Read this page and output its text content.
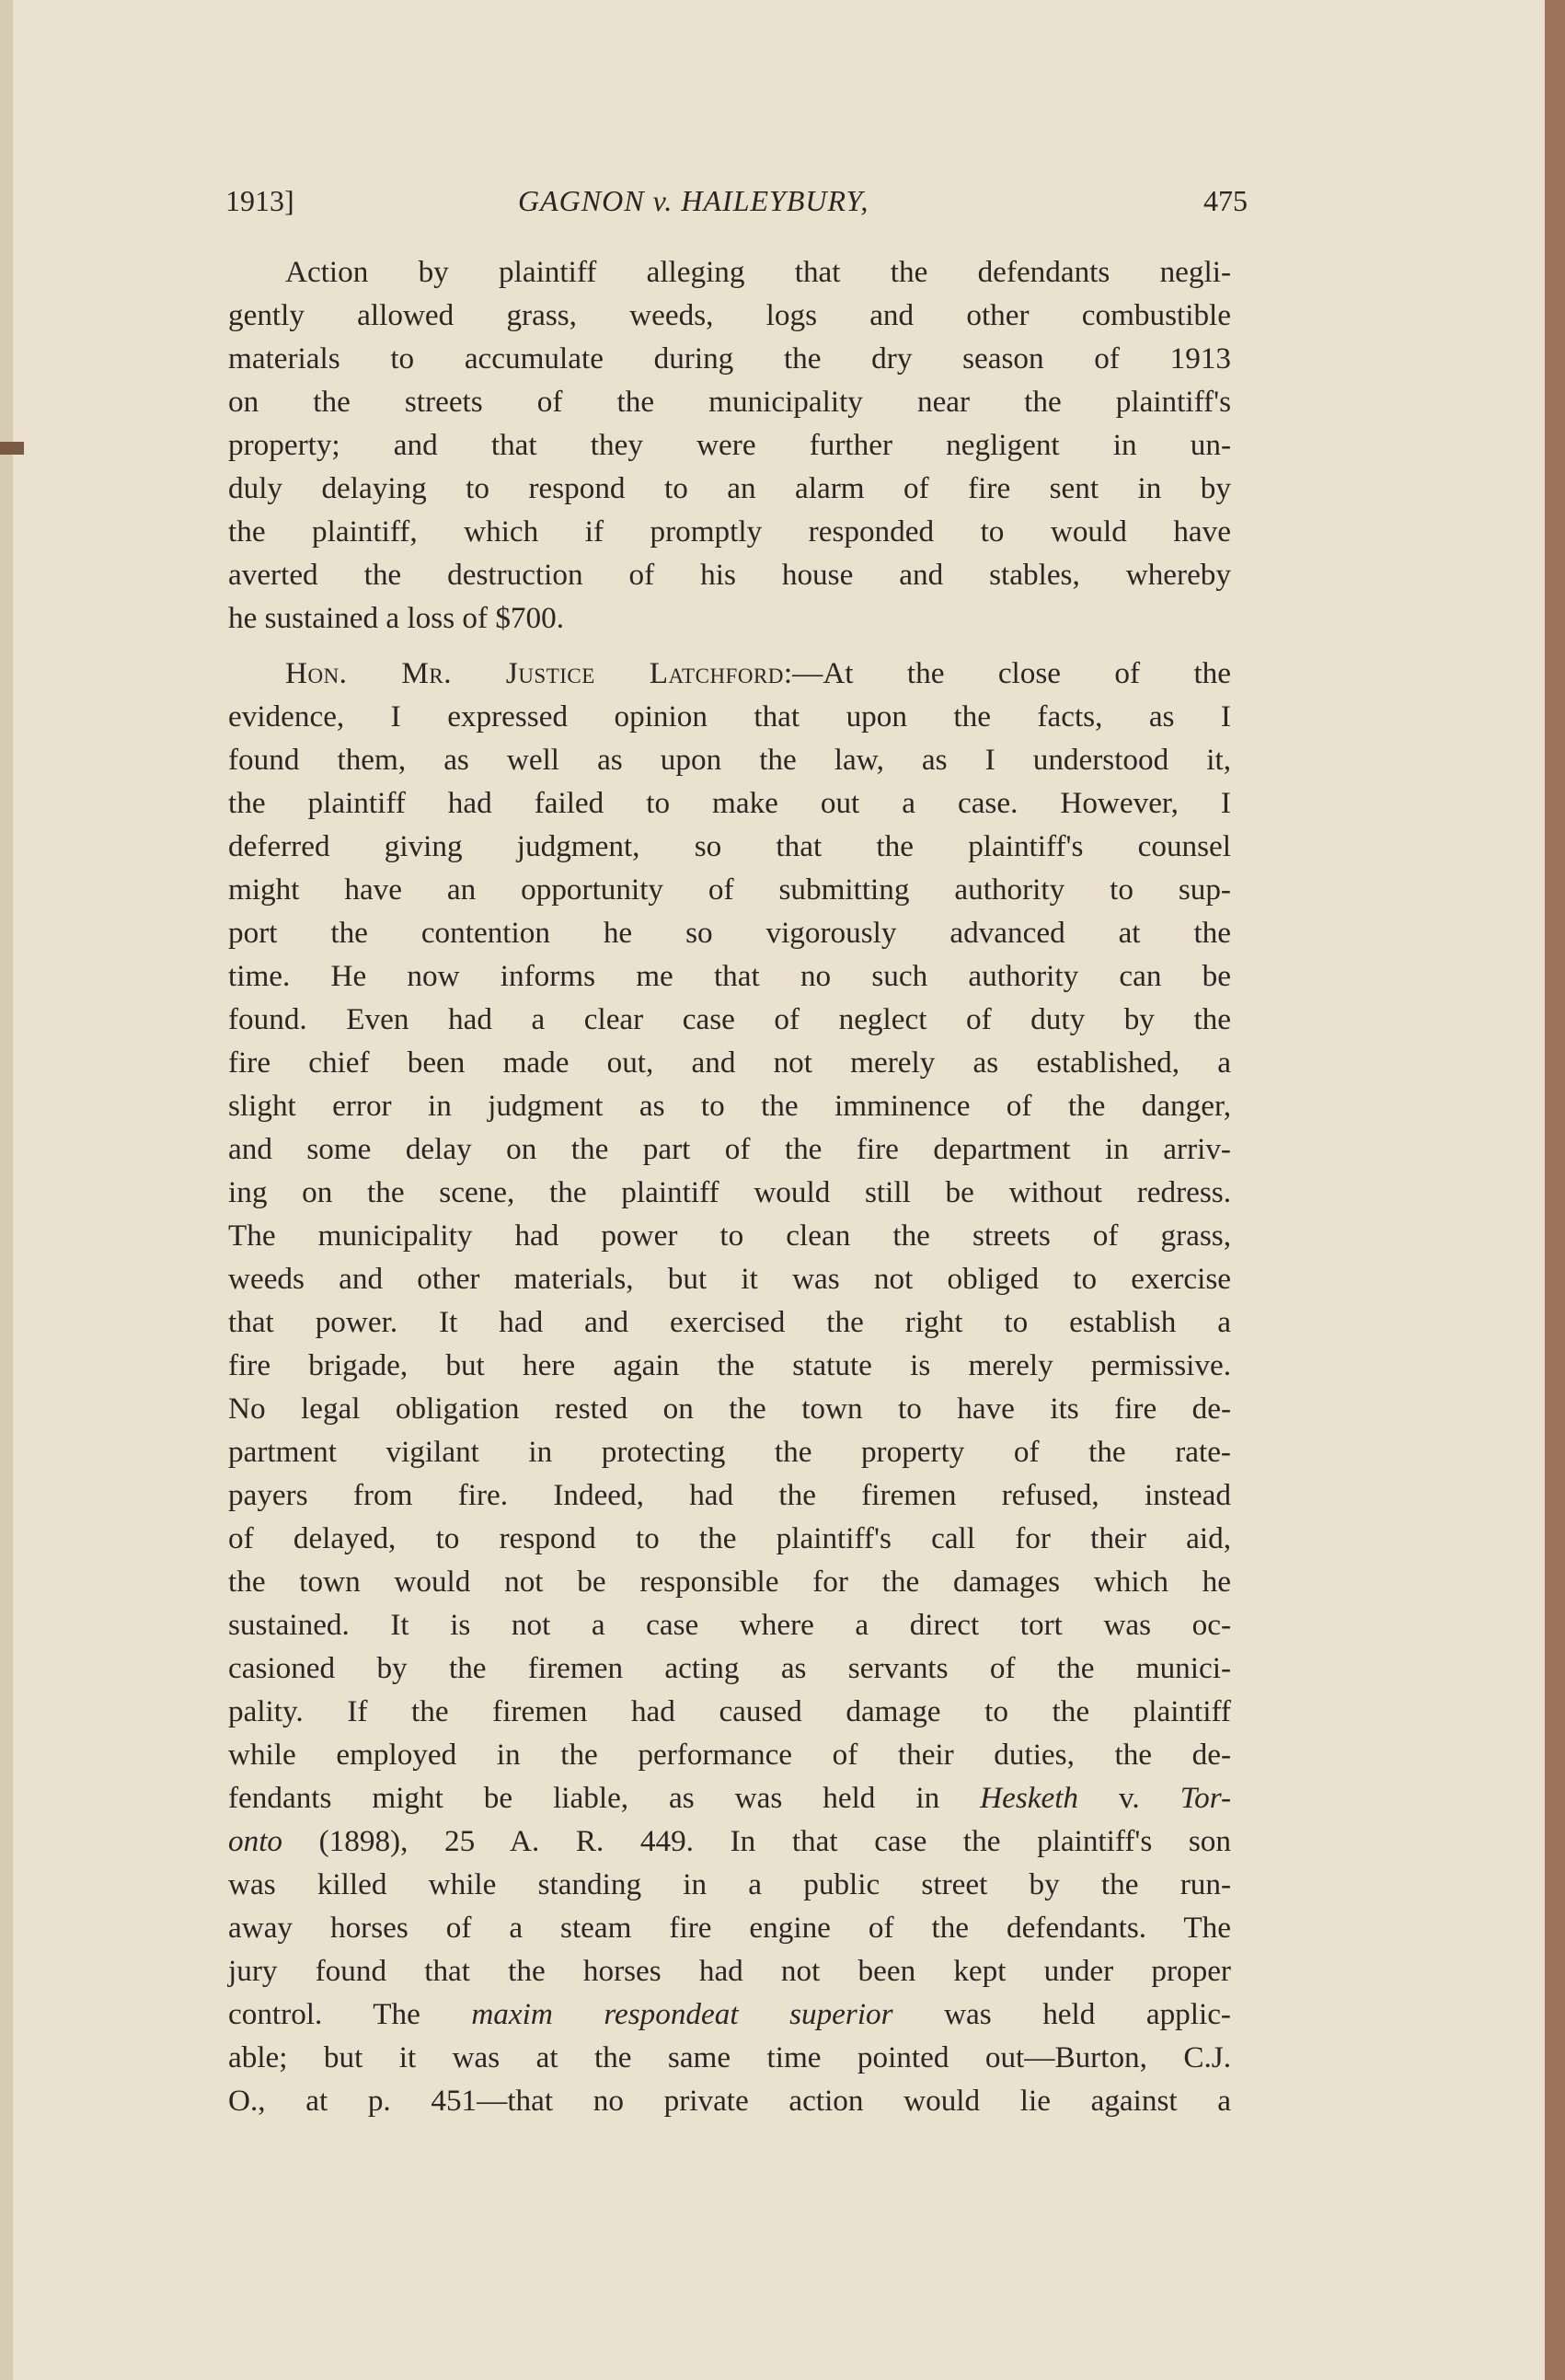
1913]	GAGNON v. HAILEYBURY,	475
Action by plaintiff alleging that the defendants negli-
gently allowed grass, weeds, logs and other combustible
materials to accumulate during the dry season of 1913
on the streets of the municipality near the plaintiff's
property; and that they were further negligent in un-
duly delaying to respond to an alarm of fire sent in by
the plaintiff, which if promptly responded to would have
averted the destruction of his house and stables, whereby
he sustained a loss of $700.
Hon. Mr. Justice Latchford:—At the close of the
evidence, I expressed opinion that upon the facts, as I
found them, as well as upon the law, as I understood it,
the plaintiff had failed to make out a case. However, I
deferred giving judgment, so that the plaintiff's counsel
might have an opportunity of submitting authority to sup-
port the contention he so vigorously advanced at the
time. He now informs me that no such authority can be
found. Even had a clear case of neglect of duty by the
fire chief been made out, and not merely as established, a
slight error in judgment as to the imminence of the danger,
and some delay on the part of the fire department in arriv-
ing on the scene, the plaintiff would still be without redress.
The municipality had power to clean the streets of grass,
weeds and other materials, but it was not obliged to exercise
that power. It had and exercised the right to establish a
fire brigade, but here again the statute is merely permissive.
No legal obligation rested on the town to have its fire de-
partment vigilant in protecting the property of the rate-
payers from fire. Indeed, had the firemen refused, instead
of delayed, to respond to the plaintiff's call for their aid,
the town would not be responsible for the damages which he
sustained. It is not a case where a direct tort was oc-
casioned by the firemen acting as servants of the munici-
pality. If the firemen had caused damage to the plaintiff
while employed in the performance of their duties, the de-
fendants might be liable, as was held in Hesketh v. Tor-
onto (1898), 25 A. R. 449. In that case the plaintiff's son
was killed while standing in a public street by the run-
away horses of a steam fire engine of the defendants. The
jury found that the horses had not been kept under proper
control. The maxim respondeat superior was held applic-
able; but it was at the same time pointed out—Burton, C.J.
O., at p. 451—that no private action would lie against a
